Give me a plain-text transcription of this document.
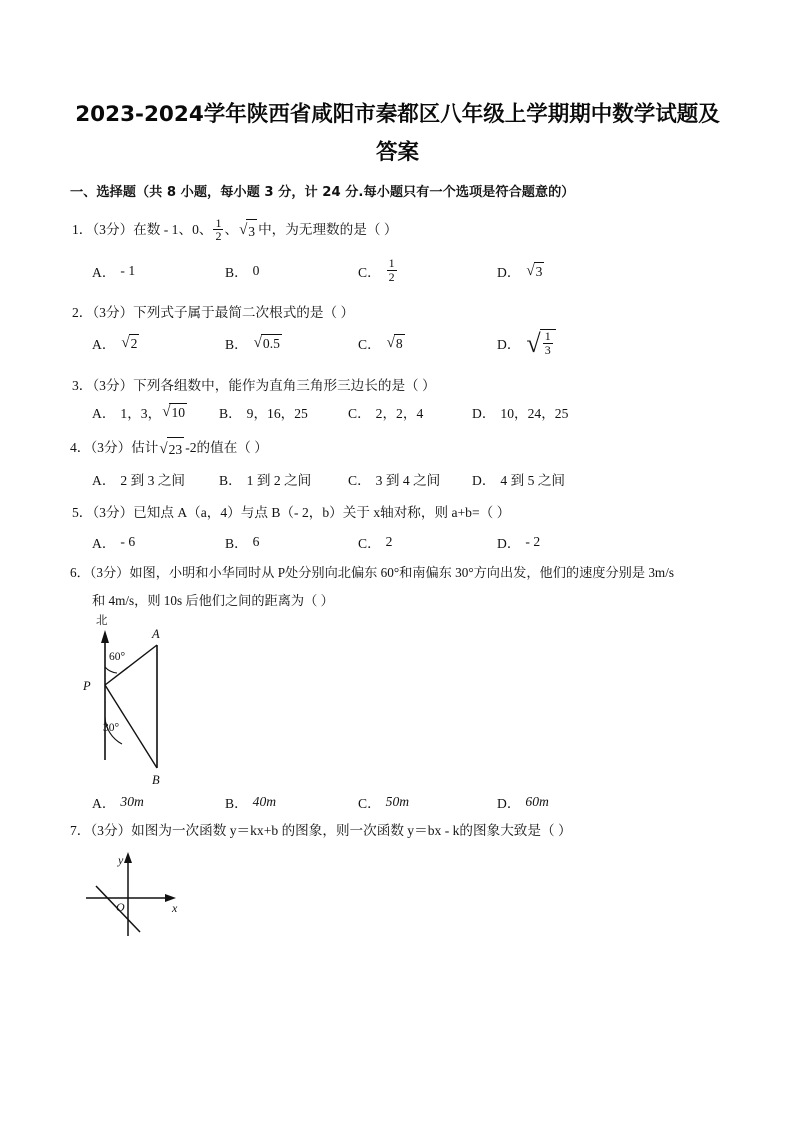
2023-2024学年陕西省咸阳市秦都区八年级上学期期中数学试题及答案
一、选择题（共 8 小题，每小题 3 分，计 24 分.每小题只有一个选项是符合题意的）
1．（3分）在数 - 1、0、 $\frac{1}{2}$ 、 √ 3 中，为无理数的是（ ）
A． - 1	B． 0	C． $\frac{1}{2}$	D． √ 3
2．（3分）下列式子属于最简二次根式的是（ ）
A． √ 2	B． √ 0.5	C． √ 8	D． √ $\frac{1}{3}$
3．（3分）下列各组数中，能作为直角三角形三边长的是（ ）
A． 1，3， √ 10 B． 9，16，25	C． 2，2，4	D． 10，24，25
4．（3分）估计 √ 23 -2的值在（ ）
A． 2 到 3 之间	B． 1 到 2 之间	C． 3 到 4 之间 D． 4 到 5 之间
5．（3分）已知点 A（a，4）与点 B（- 2，b）关于 x轴对称，则 a+b=（ ）
A． - 6	B． 6	C． 2	D． - 2
6．（3分）如图，小明和小华同时从 P处分别向北偏东 60°和南偏东 30°方向出发，他们的速度分别是 3m/s
和 4m/s，则 10s 后他们之间的距离为（ ）
北
60°
30°
P
A
B
A． 30m	B． 40m	C． 50m	D． 60m
7．（3分）如图为一次函数 y＝kx+b 的图象，则一次函数 y＝bx - k的图象大致是（ ）
y
x
O
